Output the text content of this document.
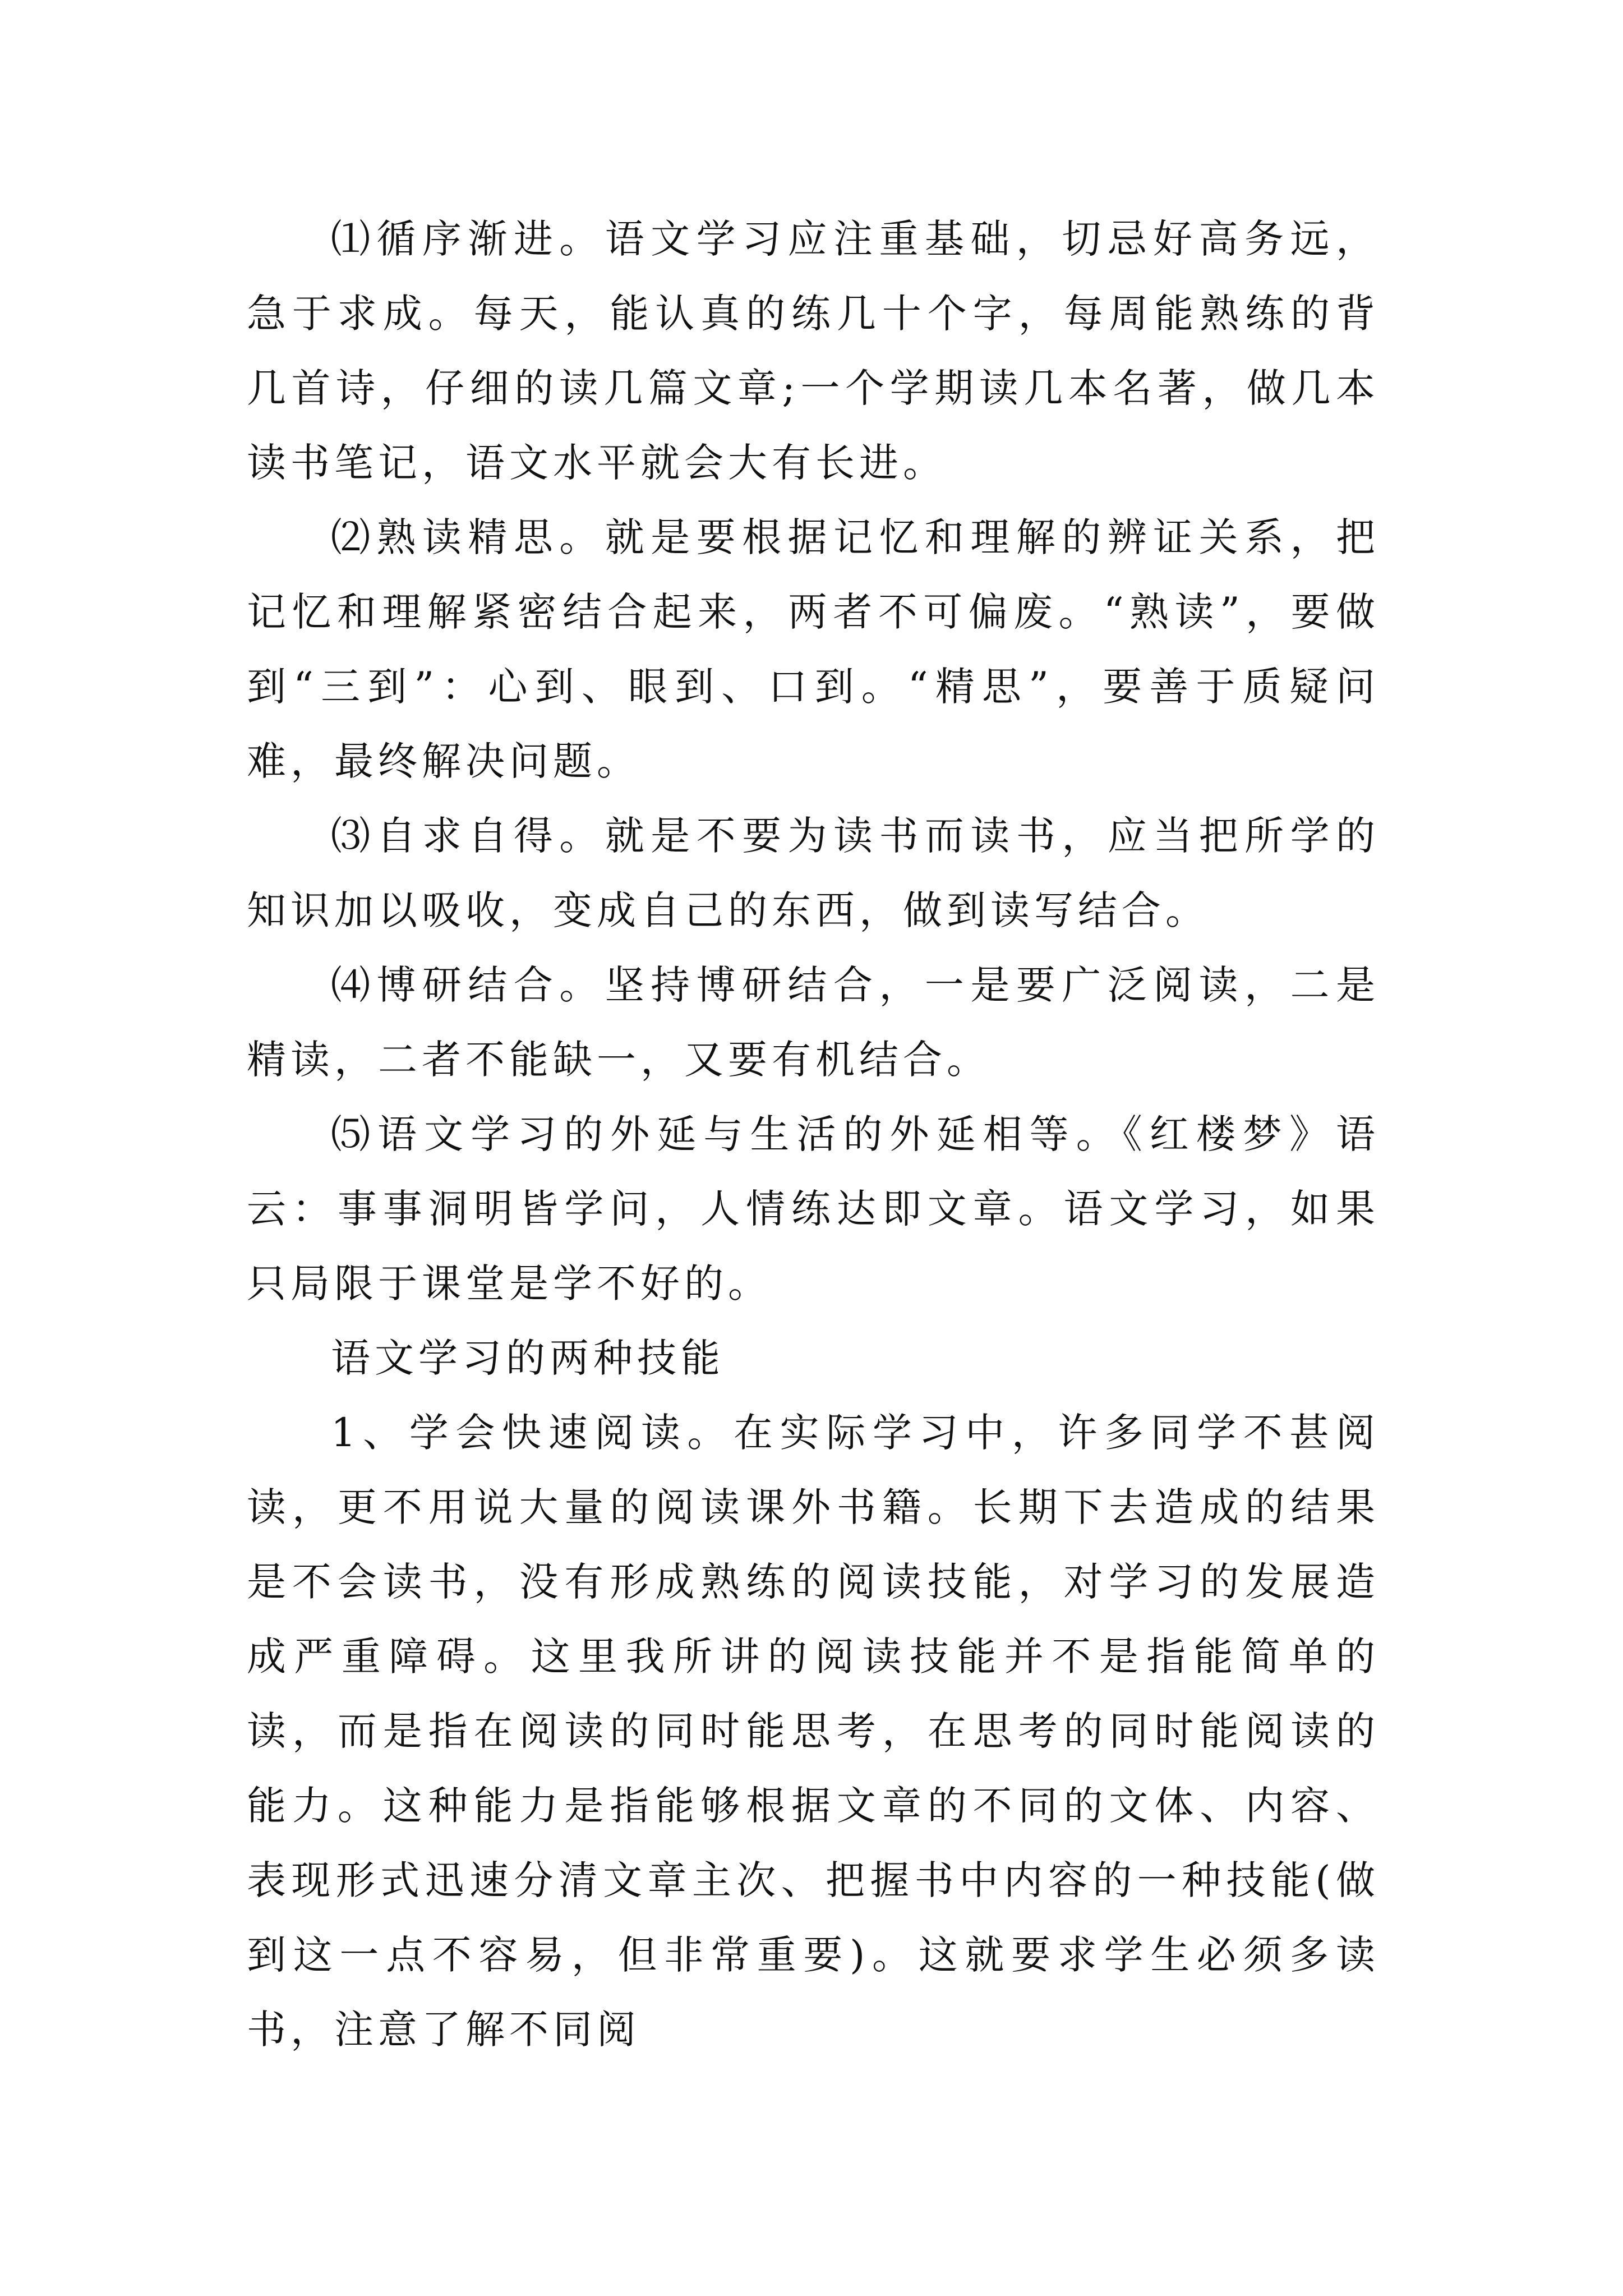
⑴循序渐进。语文学习应注重基础，切忌好高务远，急于求成。每天，能认真的练几十个字，每周能熟练的背几首诗，仔细的读几篇文章;一个学期读几本名著，做几本读书笔记，语文水平就会大有长进。

⑵熟读精思。就是要根据记忆和理解的辨证关系，把记忆和理解紧密结合起来，两者不可偏废。“熟读”，要做到“三到”：心到、眼到、口到。“精思”，要善于质疑问难，最终解决问题。

⑶自求自得。就是不要为读书而读书，应当把所学的知识加以吸收，变成自己的东西，做到读写结合。

⑷博研结合。坚持博研结合，一是要广泛阅读，二是精读，二者不能缺一，又要有机结合。

⑸语文学习的外延与生活的外延相等。《红楼梦》语云：事事洞明皆学问，人情练达即文章。语文学习，如果只局限于课堂是学不好的。

语文学习的两种技能

1、学会快速阅读。在实际学习中，许多同学不甚阅读，更不用说大量的阅读课外书籍。长期下去造成的结果是不会读书，没有形成熟练的阅读技能，对学习的发展造成严重障碍。这里我所讲的阅读技能并不是指能简单的读，而是指在阅读的同时能思考，在思考的同时能阅读的能力。这种能力是指能够根据文章的不同的文体、内容、表现形式迅速分清文章主次、把握书中内容的一种技能(做到这一点不容易，但非常重要)。这就要求学生必须多读书，注意了解不同阅
